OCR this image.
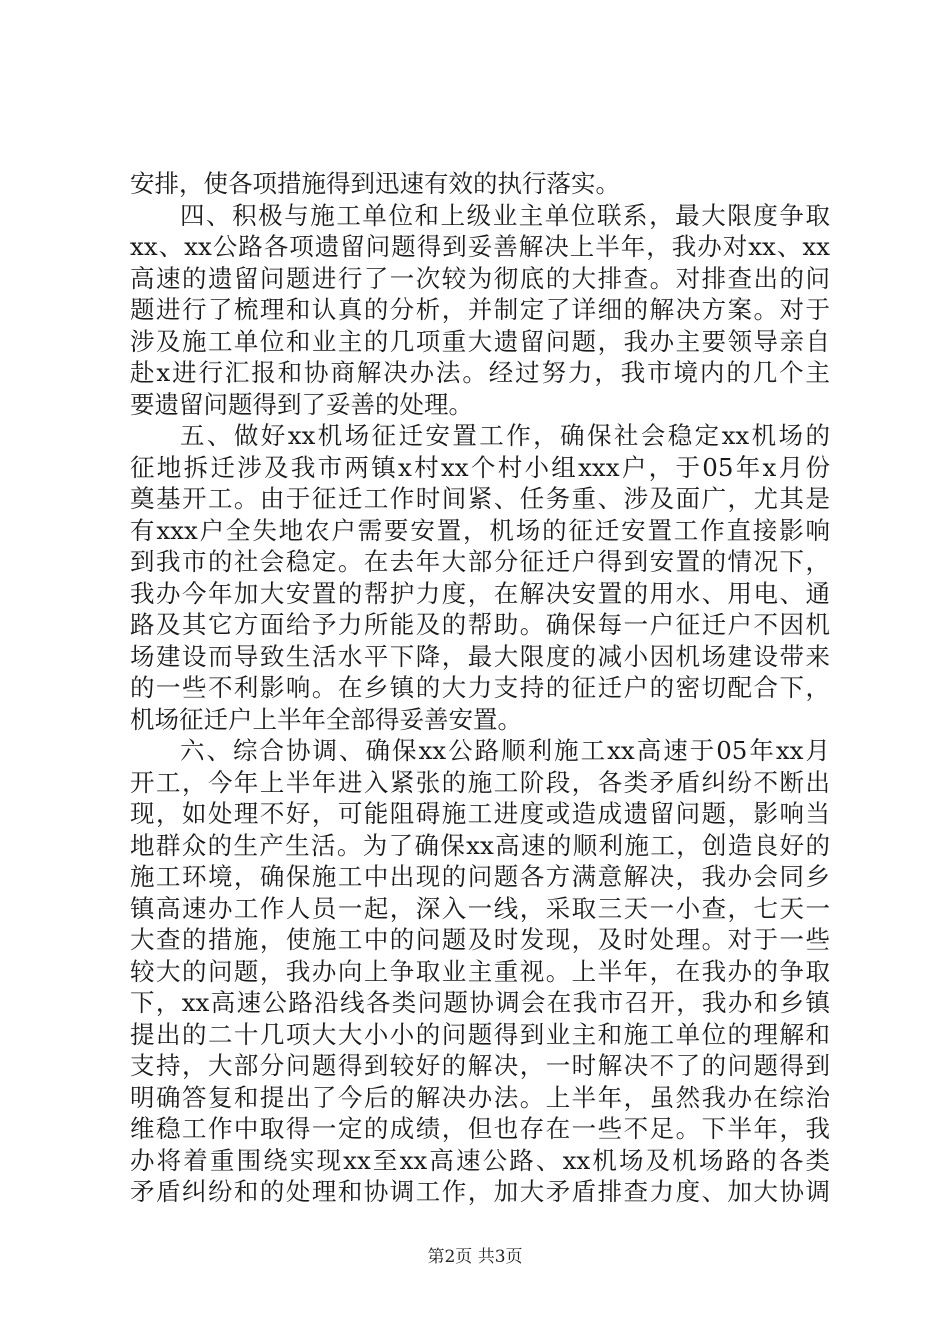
安排，使各项措施得到迅速有效的执行落实。
四、积极与施工单位和上级业主单位联系，最大限度争取
xx、xx公路各项遗留问题得到妥善解决上半年，我办对xx、xx
高速的遗留问题进行了一次较为彻底的大排查。对排查出的问
题进行了梳理和认真的分析，并制定了详细的解决方案。对于
涉及施工单位和业主的几项重大遗留问题，我办主要领导亲自
赴x进行汇报和协商解决办法。经过努力，我市境内的几个主
要遗留问题得到了妥善的处理。
五、做好xx机场征迁安置工作，确保社会稳定xx机场的
征地拆迁涉及我市两镇x村xx个村小组xxx户，于05年x月份
奠基开工。由于征迁工作时间紧、任务重、涉及面广，尤其是
有xxx户全失地农户需要安置，机场的征迁安置工作直接影响
到我市的社会稳定。在去年大部分征迁户得到安置的情况下，
我办今年加大安置的帮护力度，在解决安置的用水、用电、通
路及其它方面给予力所能及的帮助。确保每一户征迁户不因机
场建设而导致生活水平下降，最大限度的减小因机场建设带来
的一些不利影响。在乡镇的大力支持的征迁户的密切配合下，
机场征迁户上半年全部得妥善安置。
六、综合协调、确保xx公路顺利施工xx高速于05年xx月
开工，今年上半年进入紧张的施工阶段，各类矛盾纠纷不断出
现，如处理不好，可能阻碍施工进度或造成遗留问题，影响当
地群众的生产生活。为了确保xx高速的顺利施工，创造良好的
施工环境，确保施工中出现的问题各方满意解决，我办会同乡
镇高速办工作人员一起，深入一线，采取三天一小查，七天一
大查的措施，使施工中的问题及时发现，及时处理。对于一些
较大的问题，我办向上争取业主重视。上半年，在我办的争取
下，xx高速公路沿线各类问题协调会在我市召开，我办和乡镇
提出的二十几项大大小小的问题得到业主和施工单位的理解和
支持，大部分问题得到较好的解决，一时解决不了的问题得到
明确答复和提出了今后的解决办法。上半年，虽然我办在综治
维稳工作中取得一定的成绩，但也存在一些不足。下半年，我
办将着重围绕实现xx至xx高速公路、xx机场及机场路的各类
矛盾纠纷和的处理和协调工作，加大矛盾排查力度、加大协调
第2页 共3页
